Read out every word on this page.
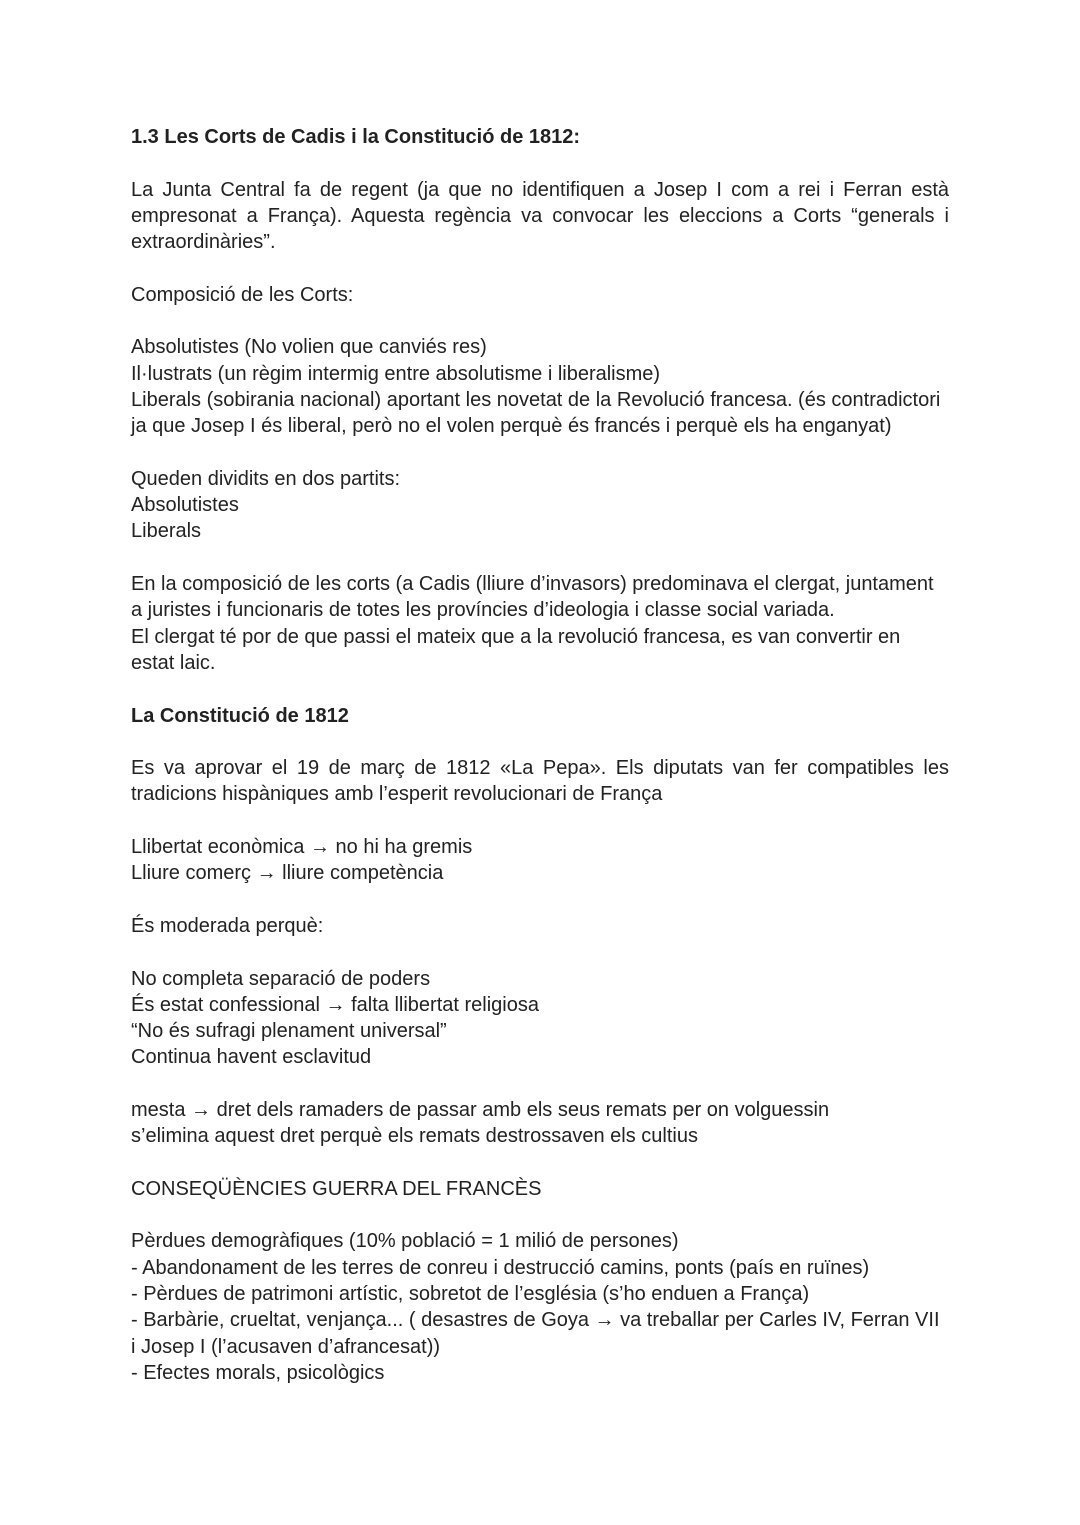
1.3 Les Corts de Cadis i la Constitució de 1812:

La Junta Central fa de regent (ja que no identifiquen a Josep I com a rei i Ferran està empresonat a França). Aquesta regència va convocar les eleccions a Corts “generals i extraordinàries”.

Composició de les Corts:

Absolutistes (No volien que canviés res)

Il·lustrats (un règim intermig entre absolutisme i liberalisme)

Liberals (sobirania nacional) aportant les novetat de la Revolució francesa. (és contradictori ja que Josep I és liberal, però no el volen perquè és francés i perquè els ha enganyat)

Queden dividits en dos partits:

Absolutistes

Liberals

En la composició de les corts (a Cadis (lliure d’invasors) predominava el clergat, juntament a juristes i funcionaris de totes les províncies d’ideologia i classe social variada.

El clergat té por de que passi el mateix que a la revolució francesa, es van convertir en estat laic.

La Constitució de 1812

Es va aprovar el 19 de març de 1812 «La Pepa». Els diputats van fer compatibles les tradicions hispàniques amb l’esperit revolucionari de França

Llibertat econòmica → no hi ha gremis

Lliure comerç → lliure competència

És moderada perquè:

No completa separació de poders

És estat confessional → falta llibertat religiosa

“No és sufragi plenament universal”

Continua havent esclavitud

mesta → dret dels ramaders de passar amb els seus remats per on volguessin

s’elimina aquest dret perquè els remats destrossaven els cultius

CONSEQÜÈNCIES GUERRA DEL FRANCÈS

Pèrdues demogràfiques (10% població = 1 milió de persones)

- Abandonament de les terres de conreu i destrucció camins, ponts (país en ruïnes)

- Pèrdues de patrimoni artístic, sobretot de l’església (s’ho enduen a França)

- Barbàrie, crueltat, venjança... ( desastres de Goya → va treballar per Carles IV, Ferran VII i Josep I (l’acusaven d’afrancesat))

- Efectes morals, psicològics
